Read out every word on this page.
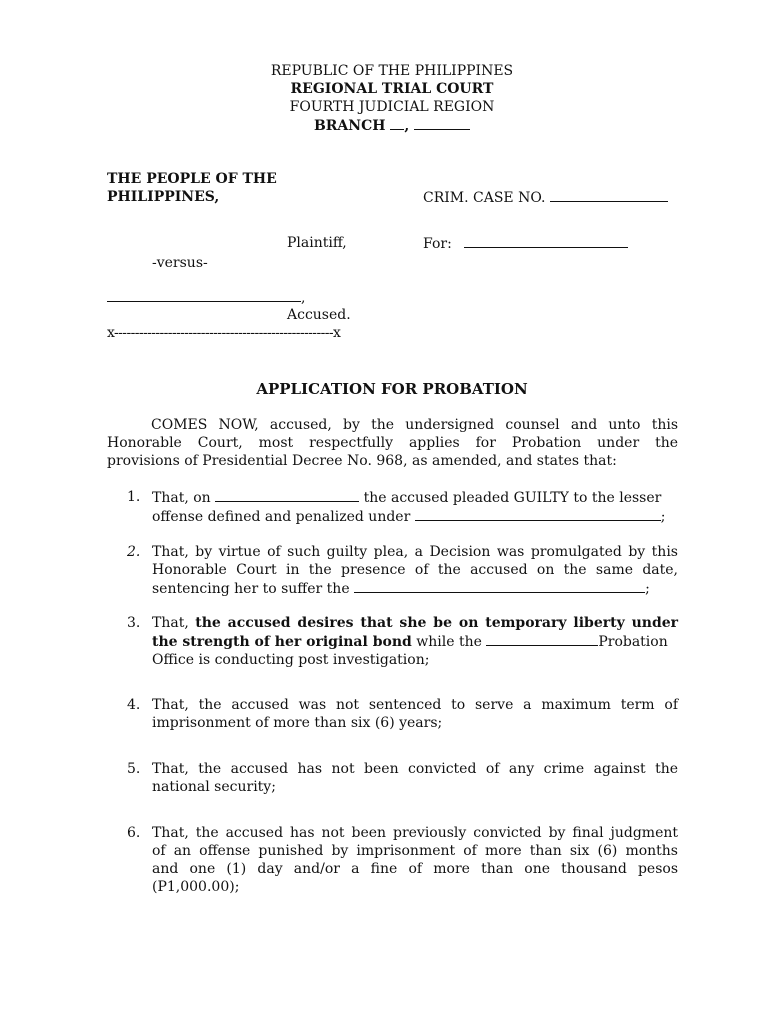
REPUBLIC OF THE PHILIPPINES
REGIONAL TRIAL COURT
FOURTH JUDICIAL REGION
BRANCH ,
THE PEOPLE OF THE
PHILIPPINES,	CRIM. CASE NO.
Plaintiff,	For:
-versus-
,
Accused.
x-----------------------------------------------------x
APPLICATION FOR PROBATION
COMES NOW, accused, by the undersigned counsel and unto this
Honorable Court, most respectfully applies for Probation under the
provisions of Presidential Decree No. 968, as amended, and states that:
1. That, on	the accused pleaded GUILTY to the lesser
offense defined and penalized under	;
2. That, by virtue of such guilty plea, a Decision was promulgated by this
Honorable Court in the presence of the accused on the same date,
sentencing her to suffer the	;
3. That, the accused desires that she be on temporary liberty under
the strength of her original bond while the	Probation
Office is conducting post investigation;
4. That, the accused was not sentenced to serve a maximum term of
imprisonment of more than six (6) years;
5. That, the accused has not been convicted of any crime against the
national security;
6. That, the accused has not been previously convicted by final judgment
of an offense punished by imprisonment of more than six (6) months
and one (1) day and/or a fine of more than one thousand pesos
(P1,000.00);
